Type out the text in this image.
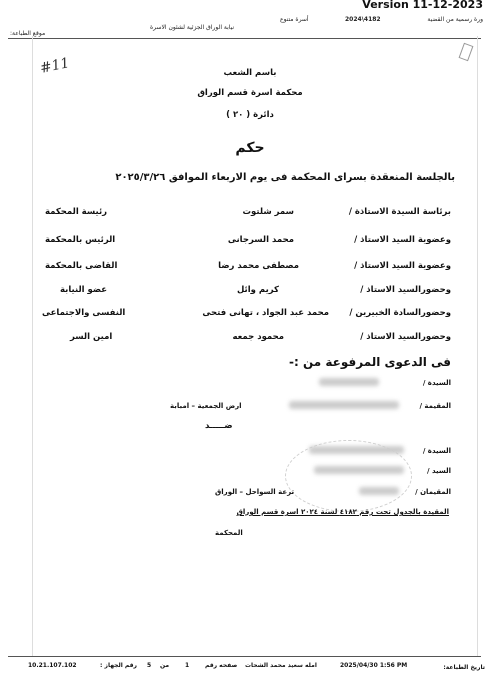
Version 11-12-2023
ورة رسمية من القضية
2024\4182
أسرة متنوع
نيابة الوراق الجزئية لشئون الاسرة
موقع الطباعة:
#11	باسم الشعب
محكمة اسرة قسم الوراق
دائرة ( ٢٠ )
حكم
بالجلسة المنعقدة بسراى المحكمة فى يوم الاربعاء الموافق ٢٠٢٥/٣/٢٦
برئاسة السيدة الاستاذة /
سمر شلتوت
رئيسة المحكمة
وعضوية السيد الاستاذ /
محمد السرجانى
الرئيس بالمحكمة
وعضوية السيد الاستاذ /
مصطفى محمد رضا
القاضى بالمحكمة
وحضورالسيد الاستاذ /
كريم وائل
عضو النيابة
وحضورالسادة الخبيرين /
محمد عبد الجواد ، تهانى فتحى
النفسى والاجتماعى
وحضورالسيد الاستاذ /
محمود جمعه
امين السر
فى الدعوى المرفوعة من :-
السيدة /
المقيمة /
ارض الجمعية – امبابة
ضـــــد
السيدة /
السيد /
المقيمان /
ترعة السواحل – الوراق
المقيدة بالجدول تحت رقم ٤١٨٢ لسنة ٢٠٢٤ اسرة قسم الوراق
المحكمة
تاريخ الطباعة:
2025/04/30 1:56 PM
امله سعيد محمد الشحات
صفحه رقم
1
من
5
رقم الجهاز :
10.21.107.102
